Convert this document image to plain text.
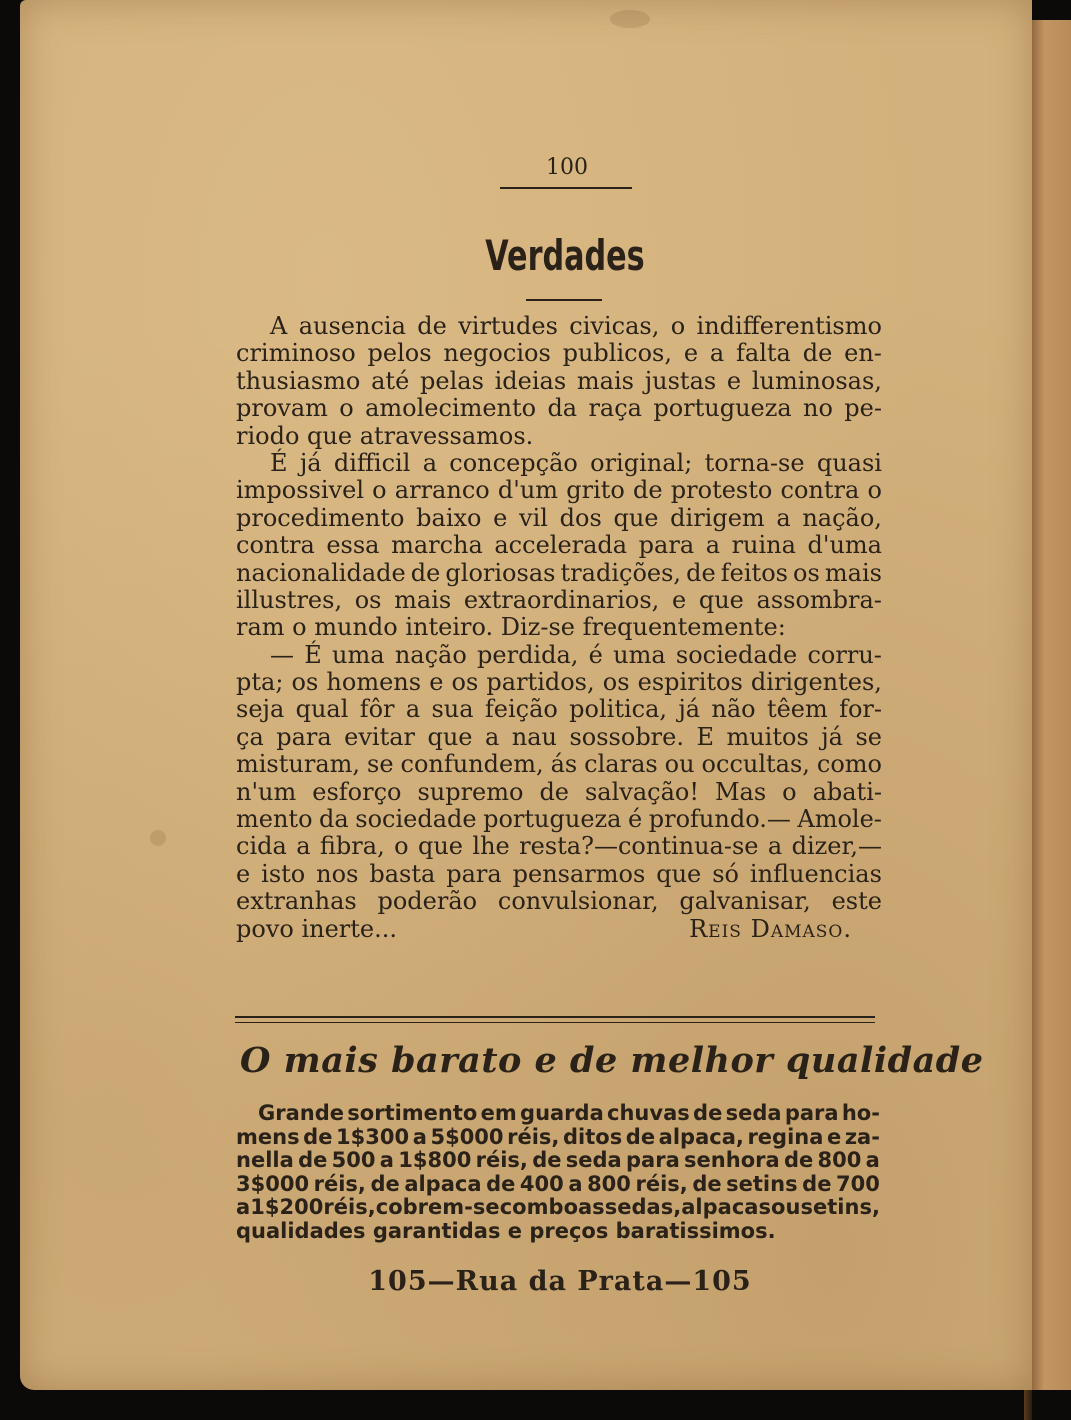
100
Verdades
A ausencia de virtudes civicas, o indifferentismo
criminoso pelos negocios publicos, e a falta de en-
thusiasmo até pelas ideias mais justas e luminosas,
provam o amolecimento da raça portugueza no pe-
riodo que atravessamos.
É já difficil a concepção original; torna-se quasi
impossivel o arranco d'um grito de protesto contra o
procedimento baixo e vil dos que dirigem a nação,
contra essa marcha accelerada para a ruina d'uma
nacionalidade de gloriosas tradições, de feitos os mais
illustres, os mais extraordinarios, e que assombra-
ram o mundo inteiro. Diz-se frequentemente:
— É uma nação perdida, é uma sociedade corru-
pta; os homens e os partidos, os espiritos dirigentes,
seja qual fôr a sua feição politica, já não têem for-
ça para evitar que a nau sossobre. E muitos já se
misturam, se confundem, ás claras ou occultas, como
n'um esforço supremo de salvação! Mas o abati-
mento da sociedade portugueza é profundo.— Amole-
cida a fibra, o que lhe resta?—continua-se a dizer,—
e isto nos basta para pensarmos que só influencias
extranhas poderão convulsionar, galvanisar, este
povo inerte...	Reis Damaso.
O mais barato e de melhor qualidade
Grande sortimento em guarda chuvas de seda para ho-
mens de 1$300 a 5$000 réis, ditos de alpaca, regina e za-
nella de 500 a 1$800 réis, de seda para senhora de 800 a
3$000 réis, de alpaca de 400 a 800 réis, de setins de 700
a 1$200 réis, cobrem-se com boas sedas, alpacas ou setins,
qualidades garantidas e preços baratissimos.
105—Rua da Prata—105
